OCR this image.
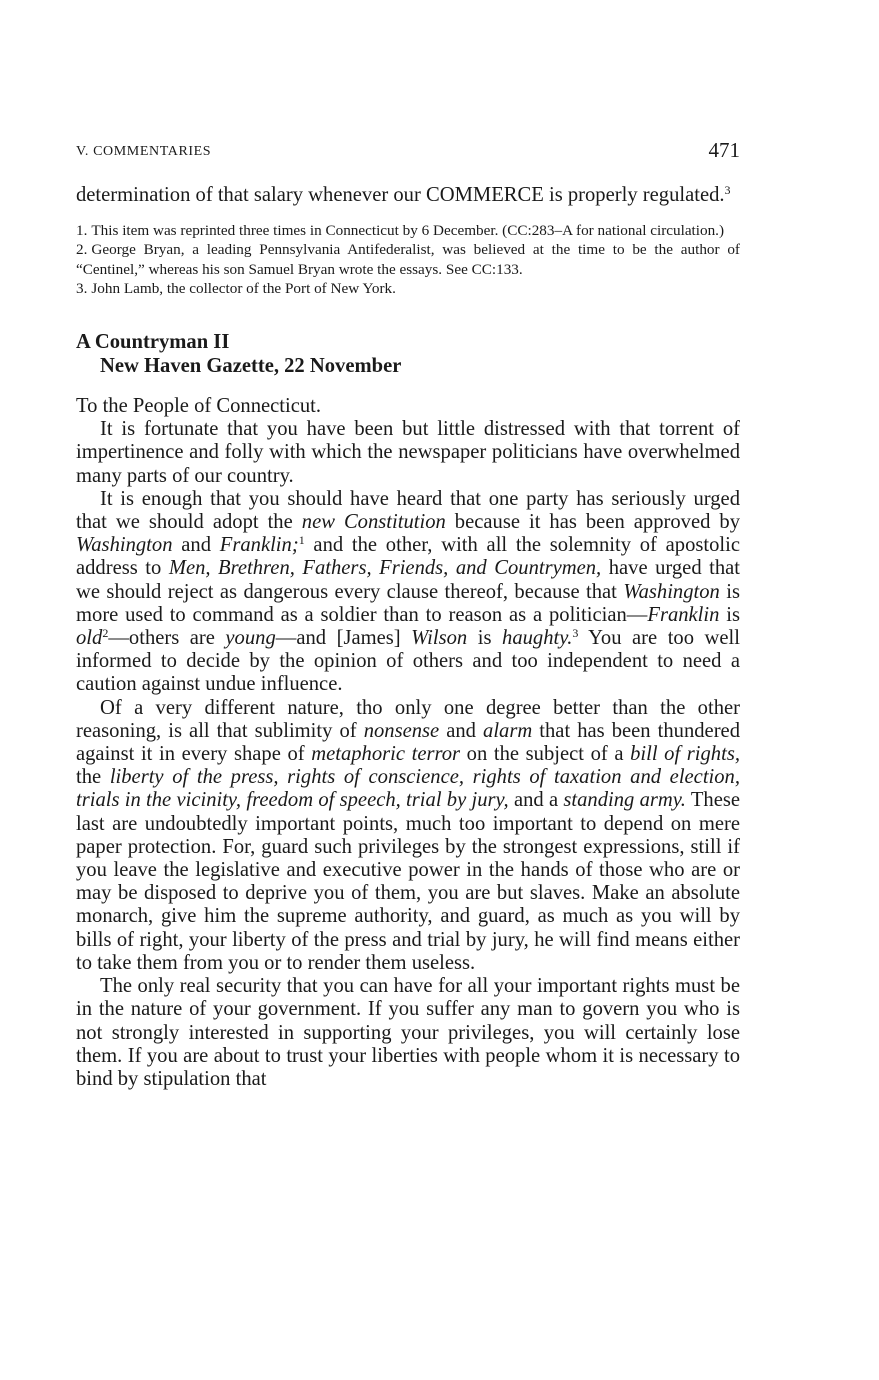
V. COMMENTARIES	471

determination of that salary whenever our COMMERCE is properly regulated.$^3$

1. This item was reprinted three times in Connecticut by 6 December. (CC:283–A for national circulation.)

2. George Bryan, a leading Pennsylvania Antifederalist, was believed at the time to be the author of “Centinel,” whereas his son Samuel Bryan wrote the essays. See CC:133.

3. John Lamb, the collector of the Port of New York.

A Countryman II

New Haven Gazette, 22 November

To the People of Connecticut.

It is fortunate that you have been but little distressed with that torrent of impertinence and folly with which the newspaper politicians have overwhelmed many parts of our country.

It is enough that you should have heard that one party has seriously urged that we should adopt the new Constitution because it has been approved by Washington and Franklin;$^1$ and the other, with all the solemnity of apostolic address to Men, Brethren, Fathers, Friends, and Countrymen, have urged that we should reject as dangerous every clause thereof, because that Washington is more used to command as a soldier than to reason as a politician—Franklin is old$^2$—others are young—and [James] Wilson is haughty.$^3$ You are too well informed to decide by the opinion of others and too independent to need a caution against undue influence.

Of a very different nature, tho only one degree better than the other reasoning, is all that sublimity of nonsense and alarm that has been thundered against it in every shape of metaphoric terror on the subject of a bill of rights, the liberty of the press, rights of conscience, rights of taxation and election, trials in the vicinity, freedom of speech, trial by jury, and a standing army. These last are undoubtedly important points, much too important to depend on mere paper protection. For, guard such privileges by the strongest expressions, still if you leave the legislative and executive power in the hands of those who are or may be disposed to deprive you of them, you are but slaves. Make an absolute monarch, give him the supreme authority, and guard, as much as you will by bills of right, your liberty of the press and trial by jury, he will find means either to take them from you or to render them useless.

The only real security that you can have for all your important rights must be in the nature of your government. If you suffer any man to govern you who is not strongly interested in supporting your privileges, you will certainly lose them. If you are about to trust your liberties with people whom it is necessary to bind by stipulation that
